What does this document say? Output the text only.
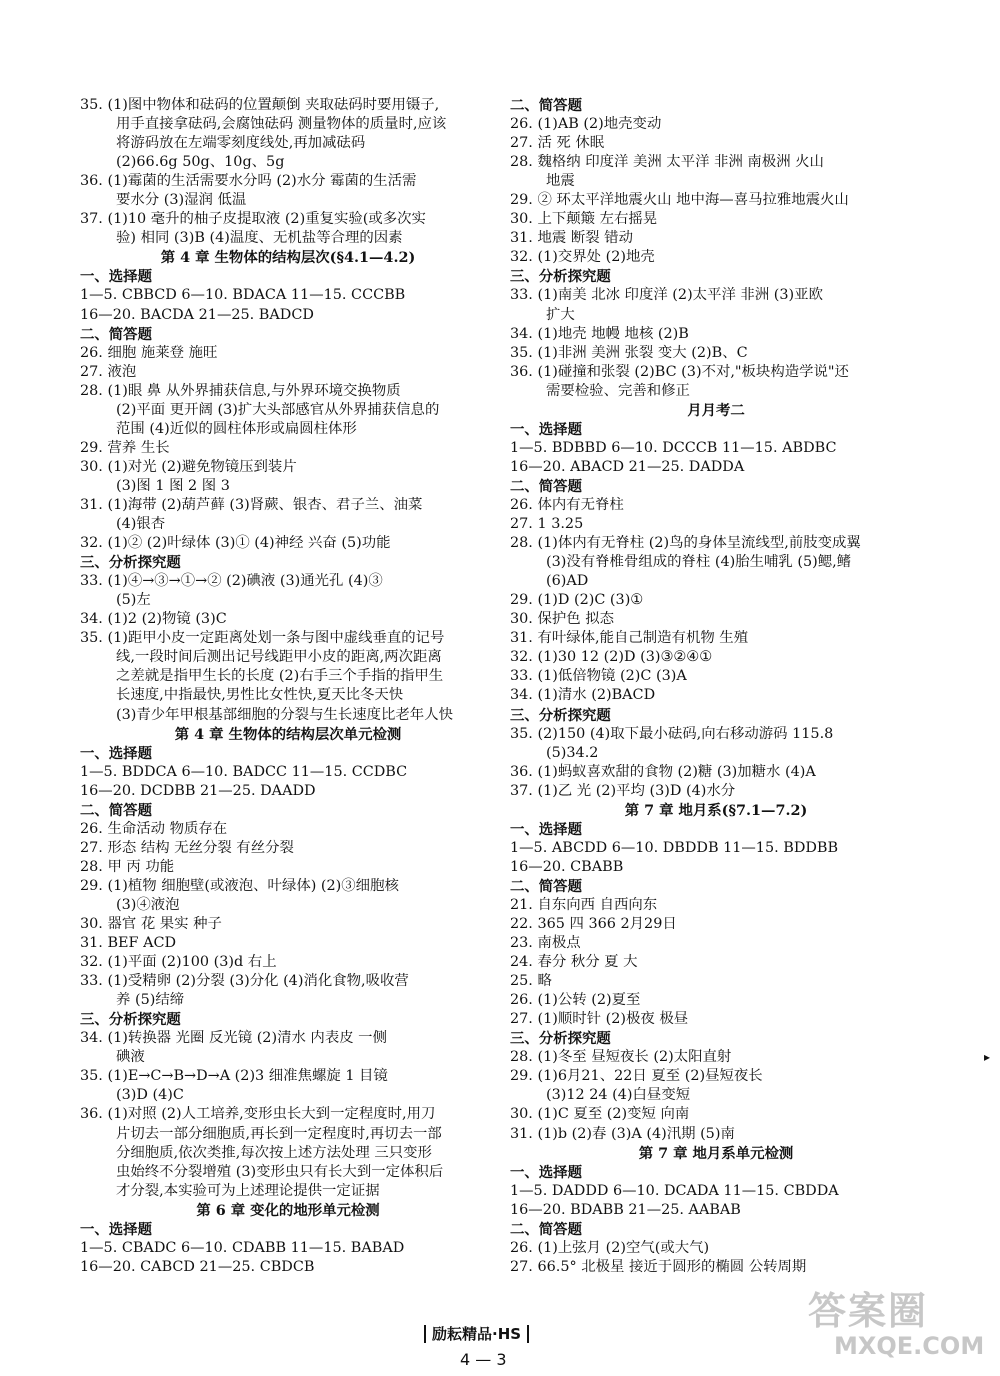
35. (1)图中物体和砝码的位置颠倒 夹取砝码时要用镊子,
用手直接拿砝码,会腐蚀砝码 测量物体的质量时,应该
将游码放在左端零刻度线处,再加减砝码
(2)66.6g 50g、10g、5g
36. (1)霉菌的生活需要水分吗 (2)水分 霉菌的生活需
要水分 (3)湿润 低温
37. (1)10 毫升的柚子皮提取液 (2)重复实验(或多次实
验) 相同 (3)B (4)温度、无机盐等合理的因素
第 4 章 生物体的结构层次(§4.1—4.2)
一、选择题
1—5. CBBCD 6—10. BDACA 11—15. CCCBB
16—20. BACDA 21—25. BADCD
二、简答题
26. 细胞 施莱登 施旺
27. 液泡
28. (1)眼 鼻 从外界捕获信息,与外界环境交换物质
(2)平面 更开阔 (3)扩大头部感官从外界捕获信息的
范围 (4)近似的圆柱体形或扁圆柱体形
29. 营养 生长
30. (1)对光 (2)避免物镜压到装片
(3)图 1 图 2 图 3
31. (1)海带 (2)葫芦藓 (3)肾蕨、银杏、君子兰、油菜
(4)银杏
32. (1)② (2)叶绿体 (3)① (4)神经 兴奋 (5)功能
三、分析探究题
33. (1)④→③→①→② (2)碘液 (3)通光孔 (4)③
(5)左
34. (1)2 (2)物镜 (3)C
35. (1)距甲小皮一定距离处划一条与图中虚线垂直的记号
线,一段时间后测出记号线距甲小皮的距离,两次距离
之差就是指甲生长的长度 (2)右手三个手指的指甲生
长速度,中指最快,男性比女性快,夏天比冬天快
(3)青少年甲根基部细胞的分裂与生长速度比老年人快
第 4 章 生物体的结构层次单元检测
一、选择题
1—5. BDDCA 6—10. BADCC 11—15. CCDBC
16—20. DCDBB 21—25. DAADD
二、简答题
26. 生命活动 物质存在
27. 形态 结构 无丝分裂 有丝分裂
28. 甲 丙 功能
29. (1)植物 细胞壁(或液泡、叶绿体) (2)③细胞核
(3)④液泡
30. 器官 花 果实 种子
31. BEF ACD
32. (1)平面 (2)100 (3)d 右上
33. (1)受精卵 (2)分裂 (3)分化 (4)消化食物,吸收营
养 (5)结缔
三、分析探究题
34. (1)转换器 光圈 反光镜 (2)清水 内表皮 一侧
碘液
35. (1)E→C→B→D→A (2)3 细准焦螺旋 1 目镜
(3)D (4)C
36. (1)对照 (2)人工培养,变形虫长大到一定程度时,用刀
片切去一部分细胞质,再长到一定程度时,再切去一部
分细胞质,依次类推,每次按上述方法处理 三只变形
虫始终不分裂增殖 (3)变形虫只有长大到一定体积后
才分裂,本实验可为上述理论提供一定证据
第 6 章 变化的地形单元检测
一、选择题
1—5. CBADC 6—10. CDABB 11—15. BABAD
16—20. CABCD 21—25. CBDCB
二、简答题
26. (1)AB (2)地壳变动
27. 活 死 休眠
28. 魏格纳 印度洋 美洲 太平洋 非洲 南极洲 火山
地震
29. ② 环太平洋地震火山 地中海—喜马拉雅地震火山
30. 上下颠簸 左右摇晃
31. 地震 断裂 错动
32. (1)交界处 (2)地壳
三、分析探究题
33. (1)南美 北冰 印度洋 (2)太平洋 非洲 (3)亚欧
扩大
34. (1)地壳 地幔 地核 (2)B
35. (1)非洲 美洲 张裂 变大 (2)B、C
36. (1)碰撞和张裂 (2)BC (3)不对,"板块构造学说"还
需要检验、完善和修正
月月考二
一、选择题
1—5. BDBBD 6—10. DCCCB 11—15. ABDBC
16—20. ABACD 21—25. DADDA
二、简答题
26. 体内有无脊柱
27. 1 3.25
28. (1)体内有无脊柱 (2)鸟的身体呈流线型,前肢变成翼
(3)没有脊椎骨组成的脊柱 (4)胎生哺乳 (5)鳃,鳍
(6)AD
29. (1)D (2)C (3)①
30. 保护色 拟态
31. 有叶绿体,能自己制造有机物 生殖
32. (1)30 12 (2)D (3)③②④①
33. (1)低倍物镜 (2)C (3)A
34. (1)清水 (2)BACD
三、分析探究题
35. (2)150 (4)取下最小砝码,向右移动游码 115.8
(5)34.2
36. (1)蚂蚁喜欢甜的食物 (2)糖 (3)加糖水 (4)A
37. (1)乙 光 (2)平均 (3)D (4)水分
第 7 章 地月系(§7.1—7.2)
一、选择题
1—5. ABCDD 6—10. DBDDB 11—15. BDDBB
16—20. CBABB
二、简答题
21. 自东向西 自西向东
22. 365 四 366 2月29日
23. 南极点
24. 春分 秋分 夏 大
25. 略
26. (1)公转 (2)夏至
27. (1)顺时针 (2)极夜 极昼
三、分析探究题
28. (1)冬至 昼短夜长 (2)太阳直射
29. (1)6月21、22日 夏至 (2)昼短夜长
(3)12 24 (4)白昼变短
30. (1)C 夏至 (2)变短 向南
31. (1)b (2)春 (3)A (4)汛期 (5)南
第 7 章 地月系单元检测
一、选择题
1—5. DADDD 6—10. DCADA 11—15. CBDDA
16—20. BDABB 21—25. AABAB
二、简答题
26. (1)上弦月 (2)空气(或大气)
27. 66.5° 北极星 接近于圆形的椭圆 公转周期
励耘精品·HS
4 — 3
▸
答案圈
MXQE.COM
